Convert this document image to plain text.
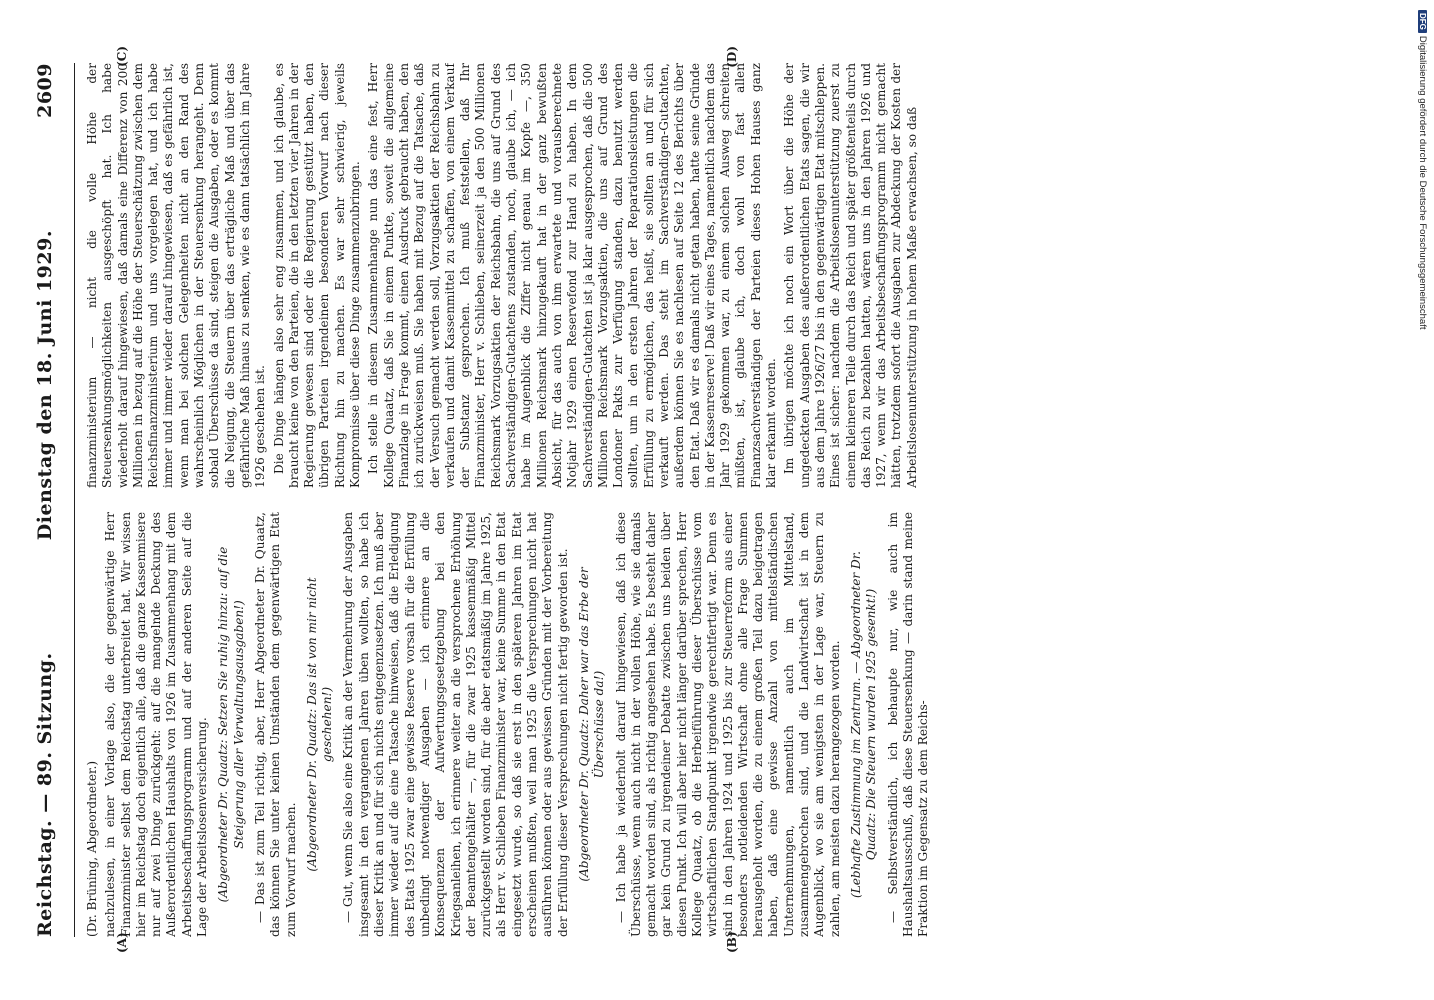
Reichstag. — 89. Sitzung.
Dienstag den 18. Juni 1929.
2609

(Dr. Brüning, Abgeordneter.) nachzulesen, in einer Vorlage also, die der gegenwärtige Herr Finanzminister selbst dem Reichstag unterbreitet hat. Wir wissen hier im Reichstag doch eigentlich alle, daß die ganze Kassenmisere nur auf zwei Dinge zurückgeht: auf die mangelnde Deckung des Außerordentlichen Haushalts von 1926 im Zusammenhang mit dem Arbeitsbeschaffungsprogramm und auf der anderen Seite auf die Lage der Arbeitslosenversicherung. (Abgeordneter Dr. Quaatz: Setzen Sie ruhig hinzu: auf die Steigerung aller Verwaltungsausgaben!) — Das ist zum Teil richtig, aber, Herr Abgeordneter Dr. Quaatz, das können Sie unter keinen Umständen dem gegenwärtigen Etat zum Vorwurf machen. (Abgeordneter Dr. Quaatz: Das ist von mir nicht geschehen!) — Gut, wenn Sie also eine Kritik an der Vermehrung der Ausgaben insgesamt in den vergangenen Jahren üben wollten, so habe ich dieser Kritik an und für sich nichts entgegenzusetzen. Ich muß aber immer wieder auf die eine Tatsache hinweisen, daß die Erledigung des Etats 1925 zwar eine gewisse Reserve vorsah für die Erfüllung unbedingt notwendiger Ausgaben — ich erinnere an die Konsequenzen der Aufwertungsgesetzgebung bei den Kriegsanleihen, ich erinnere weiter an die versprochene Erhöhung der Beamtengehälter —, für die zwar 1925 kassenmäßig Mittel zurückgestellt worden sind, für die aber etatsmäßig im Jahre 1925, als Herr v. Schlieben Finanzminister war, keine Summe in den Etat eingesetzt wurde, so daß sie erst in den späteren Jahren im Etat erscheinen mußten, weil man 1925 die Versprechungen nicht hat ausführen können oder aus gewissen Gründen mit der Vorbereitung der Erfüllung dieser Versprechungen nicht fertig geworden ist. (Abgeordneter Dr. Quaatz: Daher war das Erbe der Überschüsse da!) — Ich habe ja wiederholt darauf hingewiesen, daß ich diese Überschüsse, wenn auch nicht in der vollen Höhe, wie sie damals gemacht worden sind, als richtig angesehen habe. Es besteht daher gar kein Grund zu irgendeiner Debatte zwischen uns beiden über diesen Punkt. Ich will aber hier nicht länger darüber sprechen, Herr Kollege Quaatz, ob die Herbeiführung dieser Überschüsse vom wirtschaftlichen Standpunkt irgendwie gerechtfertigt war. Denn es sind in den Jahren 1924 und 1925 bis zur Steuerreform aus einer besonders notleidenden Wirtschaft ohne alle Frage Summen herausgeholt worden, die zu einem großen Teil dazu beigetragen haben, daß eine gewisse Anzahl von mittelständischen Unternehmungen, namentlich auch im Mittelstand, zusammengebrochen sind, und die Landwirtschaft ist in dem Augenblick, wo sie am wenigsten in der Lage war, Steuern zu zahlen, am meisten dazu herangezogen worden. (Lebhafte Zustimmung im Zentrum. — Abgeordneter Dr. Quaatz: Die Steuern wurden 1925 gesenkt!) — Selbstverständlich, ich behaupte nur, wie auch im Haushaltsausschuß, daß diese Steuersenkung — darin stand meine Fraktion im Gegensatz zu dem Reichs-

finanzministerium — nicht die volle Höhe der Steuersenkungsmöglichkeiten ausgeschöpft hat. Ich habe wiederholt darauf hingewiesen, daß damals eine Differenz von 200 Millionen in bezug auf die Höhe der Steuerschätzung zwischen dem Reichsfinanzministerium und uns vorgelegen hat, und ich habe immer und immer wieder darauf hingewiesen, daß es gefährlich ist, wenn man bei solchen Gelegenheiten nicht an den Rand des wahrscheinlich Möglichen in der Steuersenkung herangeht. Denn sobald Überschüsse da sind, steigen die Ausgaben, oder es kommt die Neigung, die Steuern über das erträgliche Maß und über das gefährliche Maß hinaus zu senken, wie es dann tatsächlich im Jahre 1926 geschehen ist. Die Dinge hängen also sehr eng zusammen, und ich glaube, es braucht keine von den Parteien, die in den letzten vier Jahren in der Regierung gewesen sind oder die Regierung gestützt haben, den übrigen Parteien irgendeinen besonderen Vorwurf nach dieser Richtung hin zu machen. Es war sehr schwierig, jeweils Kompromisse über diese Dinge zusammenzubringen. Ich stelle in diesem Zusammenhange nun das eine fest, Herr Kollege Quaatz, daß Sie in einem Punkte, soweit die allgemeine Finanzlage in Frage kommt, einen Ausdruck gebraucht haben, den ich zurückweisen muß. Sie haben mit Bezug auf die Tatsache, daß der Versuch gemacht werden soll, Vorzugsaktien der Reichsbahn zu verkaufen und damit Kassenmittel zu schaffen, von einem Verkauf der Substanz gesprochen. Ich muß feststellen, daß Ihr Finanzminister, Herr v. Schlieben, seinerzeit ja den 500 Millionen Reichsmark Vorzugsaktien der Reichsbahn, die uns auf Grund des Sachverständigen-Gutachtens zustanden, noch, glaube ich, — ich habe im Augenblick die Ziffer nicht genau im Kopfe —, 350 Millionen Reichsmark hinzugekauft hat in der ganz bewußten Absicht, für das auch von ihm erwartete und vorausberechnete Notjahr 1929 einen Reservefond zur Hand zu haben. In dem Sachverständigen-Gutachten ist ja klar ausgesprochen, daß die 500 Millionen Reichsmark Vorzugsaktien, die uns auf Grund des Londoner Pakts zur Verfügung standen, dazu benutzt werden sollten, um in den ersten Jahren der Reparationsleistungen die Erfüllung zu ermöglichen, das heißt, sie sollten an und für sich verkauft werden. Das steht im Sachverständigen-Gutachten, außerdem können Sie es nachlesen auf Seite 12 des Berichts über den Etat. Daß wir es damals nicht getan haben, hatte seine Gründe in der Kassenreserve! Daß wir eines Tages, namentlich nachdem das Jahr 1929 gekommen war, zu einem solchen Ausweg schreiten müßten, ist, glaube ich, doch wohl von fast allen Finanzsachverständigen der Parteien dieses Hohen Hauses ganz klar erkannt worden. Im übrigen möchte ich noch ein Wort über die Höhe der ungedeckten Ausgaben des außerordentlichen Etats sagen, die wir aus dem Jahre 1926/27 bis in den gegenwärtigen Etat mitschleppen. Eines ist sicher: nachdem die Arbeitslosenunterstützung zuerst zu einem kleineren Teile durch das Reich und später größtenteils durch das Reich zu bezahlen hatten, wären uns in den Jahren 1926 und 1927, wenn wir das Arbeitsbeschaffungsprogramm nicht gemacht hätten, trotzdem sofort die Ausgaben zur Abdeckung der Kosten der Arbeitslosenunterstützung in hohem Maße erwachsen, so daß

(A)	(B)
(C)	(D)
DFGDigitalisierung gefördert durch die Deutsche Forschungsgemeinschaft
